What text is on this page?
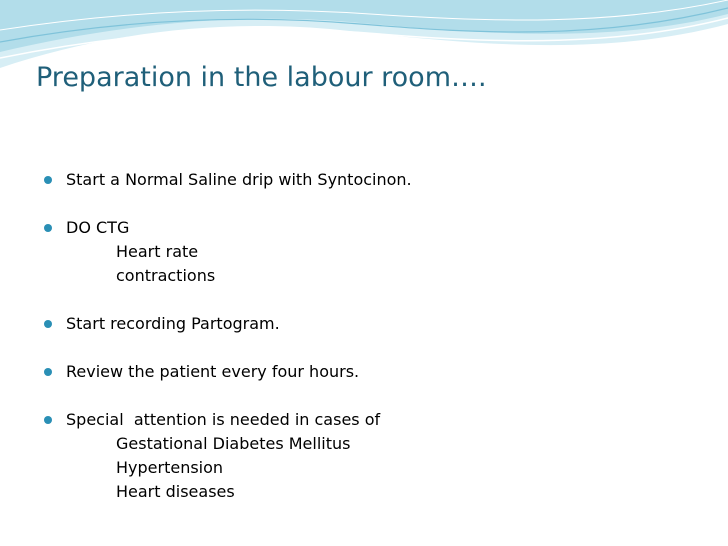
Preparation in the labour room….
Start a Normal Saline drip with Syntocinon.
DO CTG
Heart rate
contractions
Start recording Partogram.
Review the patient every four hours.
Special  attention is needed in cases of
Gestational Diabetes Mellitus
Hypertension
Heart diseases
